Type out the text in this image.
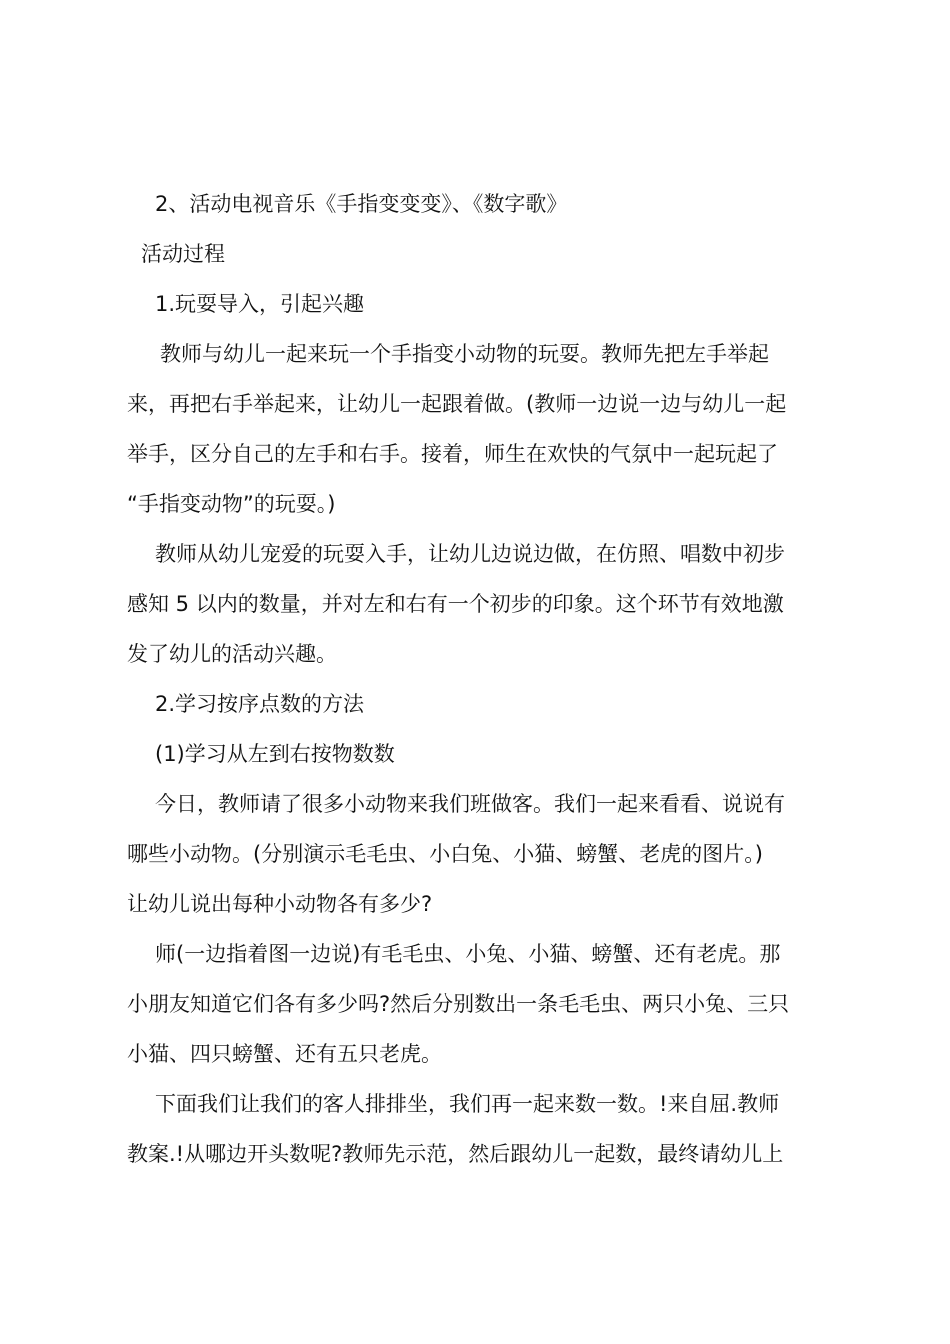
2、活动电视音乐《手指变变变》、《数字歌》
活动过程
1.玩耍导入，引起兴趣
教师与幼儿一起来玩一个手指变小动物的玩耍。教师先把左手举起
来，再把右手举起来，让幼儿一起跟着做。(教师一边说一边与幼儿一起
举手，区分自己的左手和右手。接着，师生在欢快的气氛中一起玩起了
“手指变动物”的玩耍。)
教师从幼儿宠爱的玩耍入手，让幼儿边说边做，在仿照、唱数中初步
感知 5 以内的数量，并对左和右有一个初步的印象。这个环节有效地激
发了幼儿的活动兴趣。
2.学习按序点数的方法
(1)学习从左到右按物数数
今日，教师请了很多小动物来我们班做客。我们一起来看看、说说有
哪些小动物。(分别演示毛毛虫、小白兔、小猫、螃蟹、老虎的图片。)
让幼儿说出每种小动物各有多少?
师(一边指着图一边说)有毛毛虫、小兔、小猫、螃蟹、还有老虎。那
小朋友知道它们各有多少吗?然后分别数出一条毛毛虫、两只小兔、三只
小猫、四只螃蟹、还有五只老虎。
下面我们让我们的客人排排坐，我们再一起来数一数。!来自屈.教师
教案.!从哪边开头数呢?教师先示范，然后跟幼儿一起数，最终请幼儿上
